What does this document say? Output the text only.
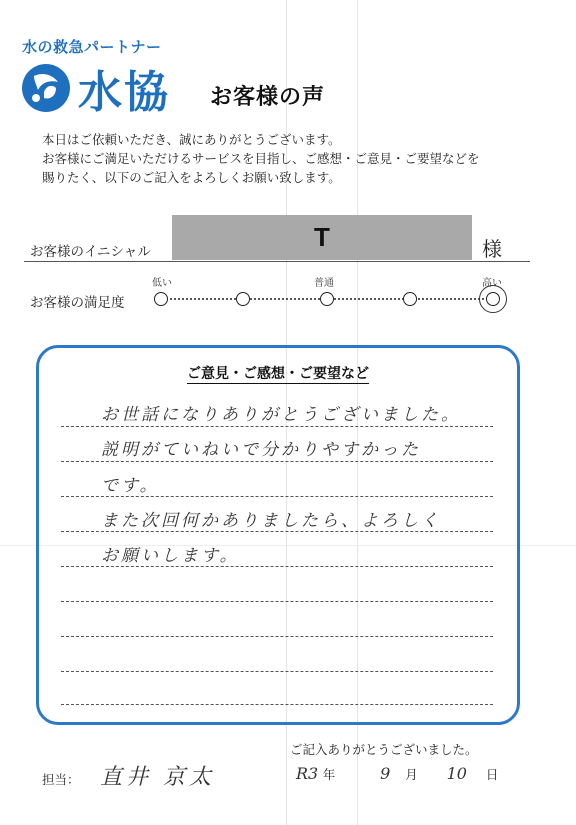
水の救急パートナー
水協 お客様の声

本日はご依頼いただき、誠にありがとうございます。

お客様にご満足いただけるサービスを目指し、ご感想・ご意見・ご要望などを

賜りたく、以下のご記入をよろしくお願い致します。

お客様のイニシャル	T	様
お客様の満足度
低い	普通	高い
ご意見・ご感想・ご要望など
お世話になりありがとうございました。
説明がていねいで分かりやすかった
です。
また次回何かありましたら、よろしく
お願いします。
ご記入ありがとうございました。
担当： 直井 京太	R3 年	9 月 10 日
